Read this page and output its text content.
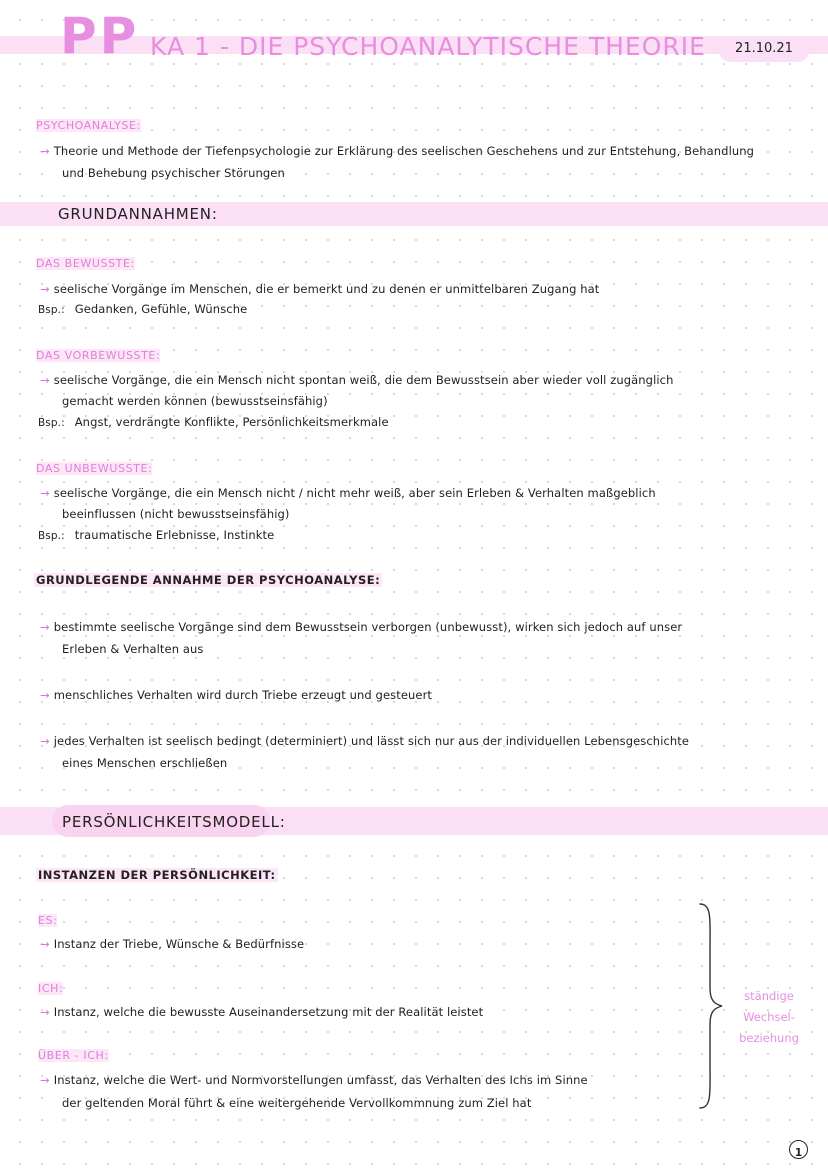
PP KA 1 - DIE PSYCHOANALYTISCHE THEORIE	21.10.21
PSYCHOANALYSE:
→ Theorie und Methode der Tiefenpsychologie zur Erklärung des seelischen Geschehens und zur Entstehung, Behandlung
und Behebung psychischer Störungen
GRUNDANNAHMEN:
DAS BEWUSSTE:
→ seelische Vorgänge im Menschen, die er bemerkt und zu denen er unmittelbaren Zugang hat
Bsp.: Gedanken, Gefühle, Wünsche
DAS VORBEWUSSTE:
→ seelische Vorgänge, die ein Mensch nicht spontan weiß, die dem Bewusstsein aber wieder voll zugänglich
gemacht werden können (bewusstseinsfähig)
Bsp.: Angst, verdrängte Konflikte, Persönlichkeitsmerkmale
DAS UNBEWUSSTE:
→ seelische Vorgänge, die ein Mensch nicht / nicht mehr weiß, aber sein Erleben & Verhalten maßgeblich
beeinflussen (nicht bewusstseinsfähig)
Bsp.: traumatische Erlebnisse, Instinkte
GRUNDLEGENDE ANNAHME DER PSYCHOANALYSE:
→ bestimmte seelische Vorgänge sind dem Bewusstsein verborgen (unbewusst), wirken sich jedoch auf unser
Erleben & Verhalten aus
→ menschliches Verhalten wird durch Triebe erzeugt und gesteuert
→ jedes Verhalten ist seelisch bedingt (determiniert) und lässt sich nur aus der individuellen Lebensgeschichte
eines Menschen erschließen
PERSÖNLICHKEITSMODELL:
INSTANZEN DER PERSÖNLICHKEIT:
ES:
→ Instanz der Triebe, Wünsche & Bedürfnisse
ICH:
→ Instanz, welche die bewusste Auseinandersetzung mit der Realität leistet
ÜBER - ICH:
→ Instanz, welche die Wert- und Normvorstellungen umfasst, das Verhalten des Ichs im Sinne
der geltenden Moral führt & eine weitergehende Vervollkommnung zum Ziel hat
ständige
Wechsel-
beziehung
1
